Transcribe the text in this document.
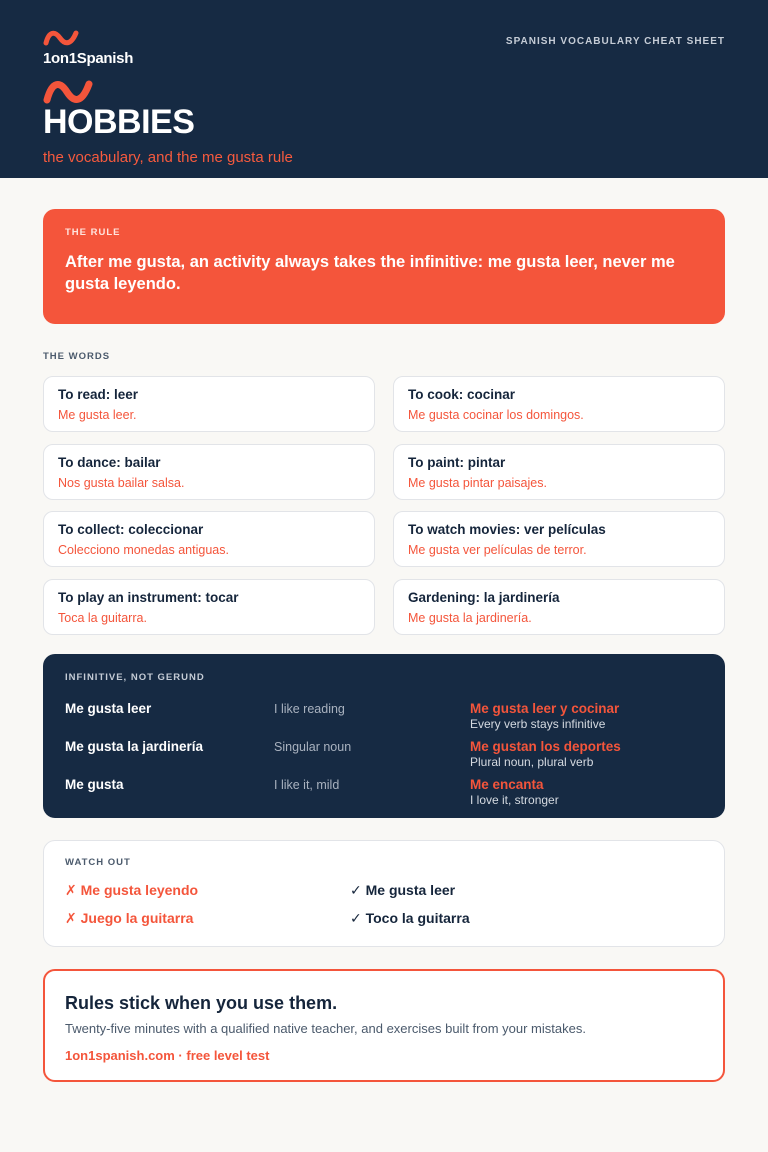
1on1Spanish
SPANISH VOCABULARY CHEAT SHEET
HOBBIES
the vocabulary, and the me gusta rule
THE RULE
After me gusta, an activity always takes the infinitive: me gusta leer, never me gusta leyendo.
THE WORDS
To read: leer
Me gusta leer.
To cook: cocinar
Me gusta cocinar los domingos.
To dance: bailar
Nos gusta bailar salsa.
To paint: pintar
Me gusta pintar paisajes.
To collect: coleccionar
Colecciono monedas antiguas.
To watch movies: ver películas
Me gusta ver películas de terror.
To play an instrument: tocar
Toca la guitarra.
Gardening: la jardinería
Me gusta la jardinería.
INFINITIVE, NOT GERUND
Me gusta leer	I like reading	Me gusta leer y cocinar
Every verb stays infinitive
Me gusta la jardinería	Singular noun	Me gustan los deportes
Plural noun, plural verb
Me gusta	I like it, mild	Me encanta
I love it, stronger
WATCH OUT
✗ Me gusta leyendo	✓ Me gusta leer
✗ Juego la guitarra	✓ Toco la guitarra
Rules stick when you use them.
Twenty-five minutes with a qualified native teacher, and exercises built from your mistakes.
1on1spanish.com · free level test
